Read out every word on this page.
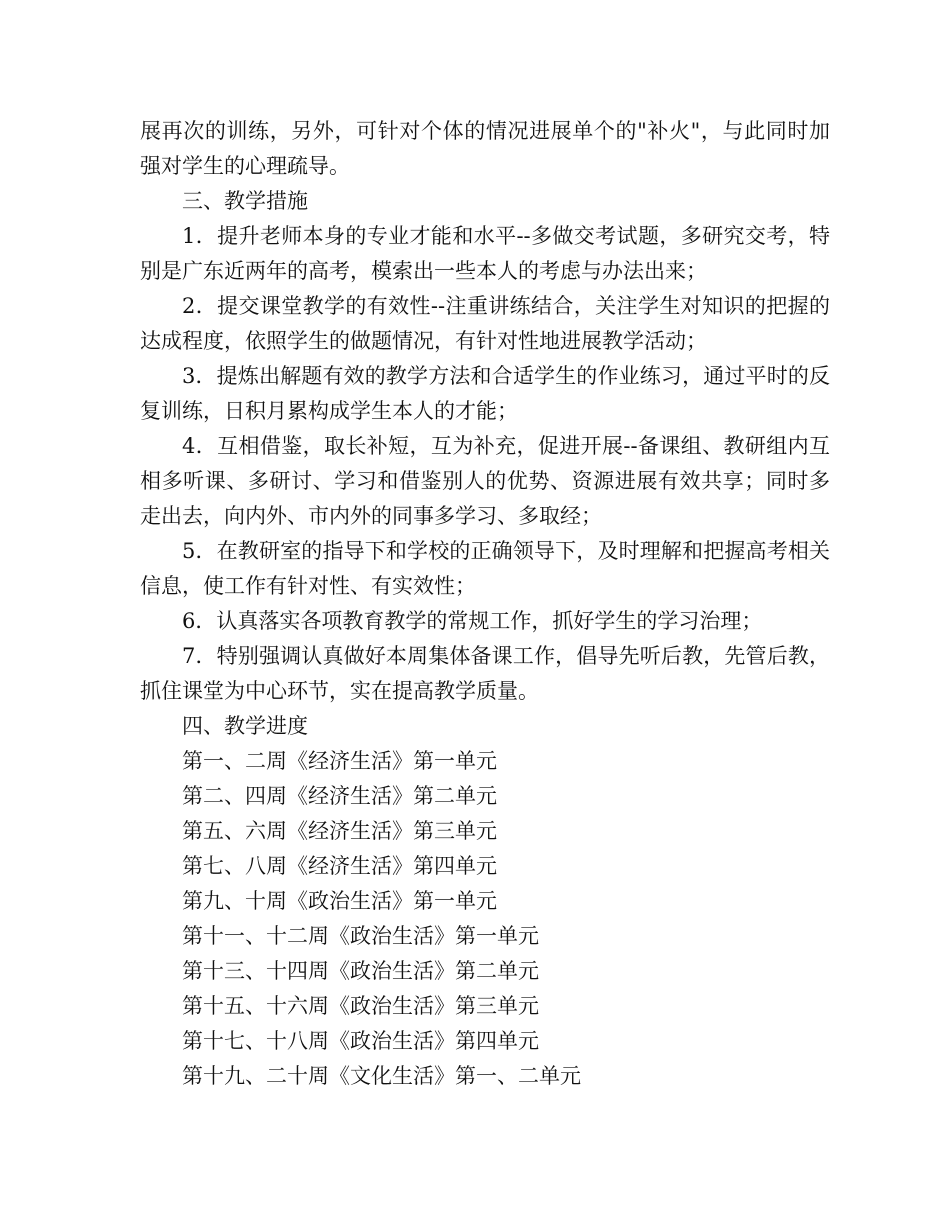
展再次的训练，另外，可针对个体的情况进展单个的"补火"，与此同时加强对学生的心理疏导。

三、教学措施

1．提升老师本身的专业才能和水平--多做交考试题，多研究交考，特别是广东近两年的高考，模索出一些本人的考虑与办法出来；

2．提交课堂教学的有效性--注重讲练结合，关注学生对知识的把握的达成程度，依照学生的做题情况，有针对性地进展教学活动；

3．提炼出解题有效的教学方法和合适学生的作业练习，通过平时的反复训练，日积月累构成学生本人的才能；

4．互相借鉴，取长补短，互为补充，促进开展--备课组、教研组内互相多听课、多研讨、学习和借鉴别人的优势、资源进展有效共享；同时多走出去，向内外、市内外的同事多学习、多取经；

5．在教研室的指导下和学校的正确领导下，及时理解和把握高考相关信息，使工作有针对性、有实效性；

6．认真落实各项教育教学的常规工作，抓好学生的学习治理；

7．特别强调认真做好本周集体备课工作，倡导先听后教，先管后教，抓住课堂为中心环节，实在提高教学质量。

四、教学进度

第一、二周《经济生活》第一单元
第二、四周《经济生活》第二单元
第五、六周《经济生活》第三单元
第七、八周《经济生活》第四单元
第九、十周《政治生活》第一单元
第十一、十二周《政治生活》第一单元
第十三、十四周《政治生活》第二单元
第十五、十六周《政治生活》第三单元
第十七、十八周《政治生活》第四单元
第十九、二十周《文化生活》第一、二单元
